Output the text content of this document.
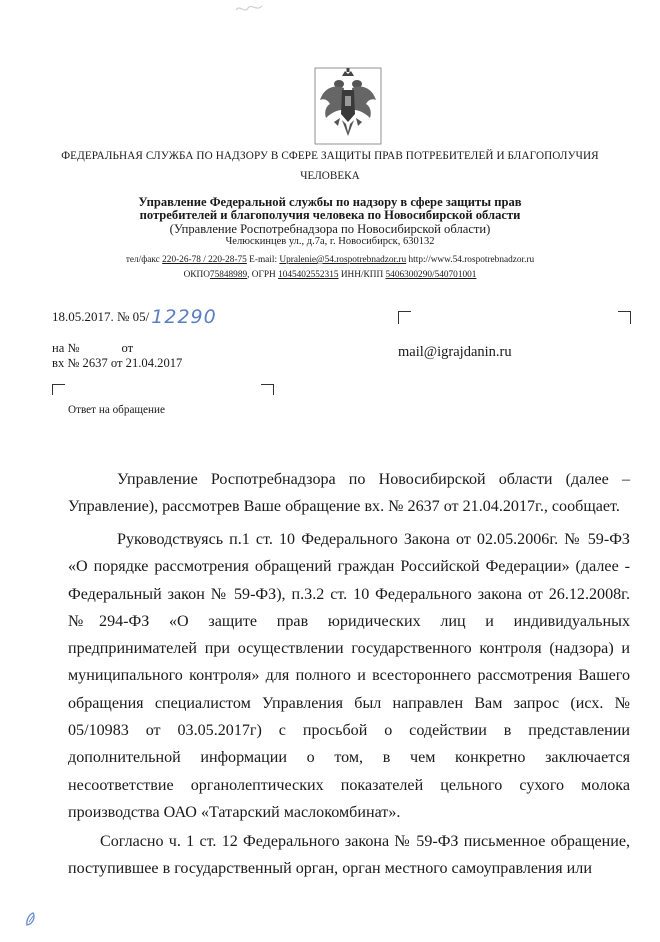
ФЕДЕРАЛЬНАЯ СЛУЖБА ПО НАДЗОРУ В СФЕРЕ ЗАЩИТЫ ПРАВ ПОТРЕБИТЕЛЕЙ И БЛАГОПОЛУЧИЯ
ЧЕЛОВЕКА
Управление Федеральной службы по надзору в сфере защиты прав
потребителей и благополучия человека по Новосибирской области
(Управление Роспотребнадзора по Новосибирской области)
Челюскинцев ул., д.7а, г. Новосибирск, 630132
тел/факс 220-26-78 / 220-28-75 E-mail: Upralenie@54.rospotrebnadzor.ru http://www.54.rospotrebnadzor.ru
ОКПО75848989, ОГРН 1045402552315 ИНН/КПП 5406300290/540701001
18.05.2017. № 05/ 12290
на №	от
вх № 2637 от 21.04.2017
mail@igrajdanin.ru
Ответ на обращение

Управление Роспотребнадзора по Новосибирской области (далее – Управление), рассмотрев Ваше обращение вх. № 2637 от 21.04.2017г., сообщает.

Руководствуясь п.1 ст. 10 Федерального Закона от 02.05.2006г. № 59-ФЗ «О порядке рассмотрения обращений граждан Российской Федерации» (далее - Федеральный закон № 59-ФЗ), п.3.2 ст. 10 Федерального закона от 26.12.2008г. №294-ФЗ «О защите прав юридических лиц и индивидуальных предпринимателей при осуществлении государственного контроля (надзора) и муниципального контроля» для полного и всестороннего рассмотрения Вашего обращения специалистом Управления был направлен Вам запрос (исх. № 05/10983 от 03.05.2017г) с просьбой о содействии в представлении дополнительной информации о том, в чем конкретно заключается несоответствие органолептических показателей цельного сухого молока производства ОАО «Татарский маслокомбинат».

Согласно ч. 1 ст. 12 Федерального закона № 59-ФЗ письменное обращение, поступившее в государственный орган, орган местного самоуправления или
